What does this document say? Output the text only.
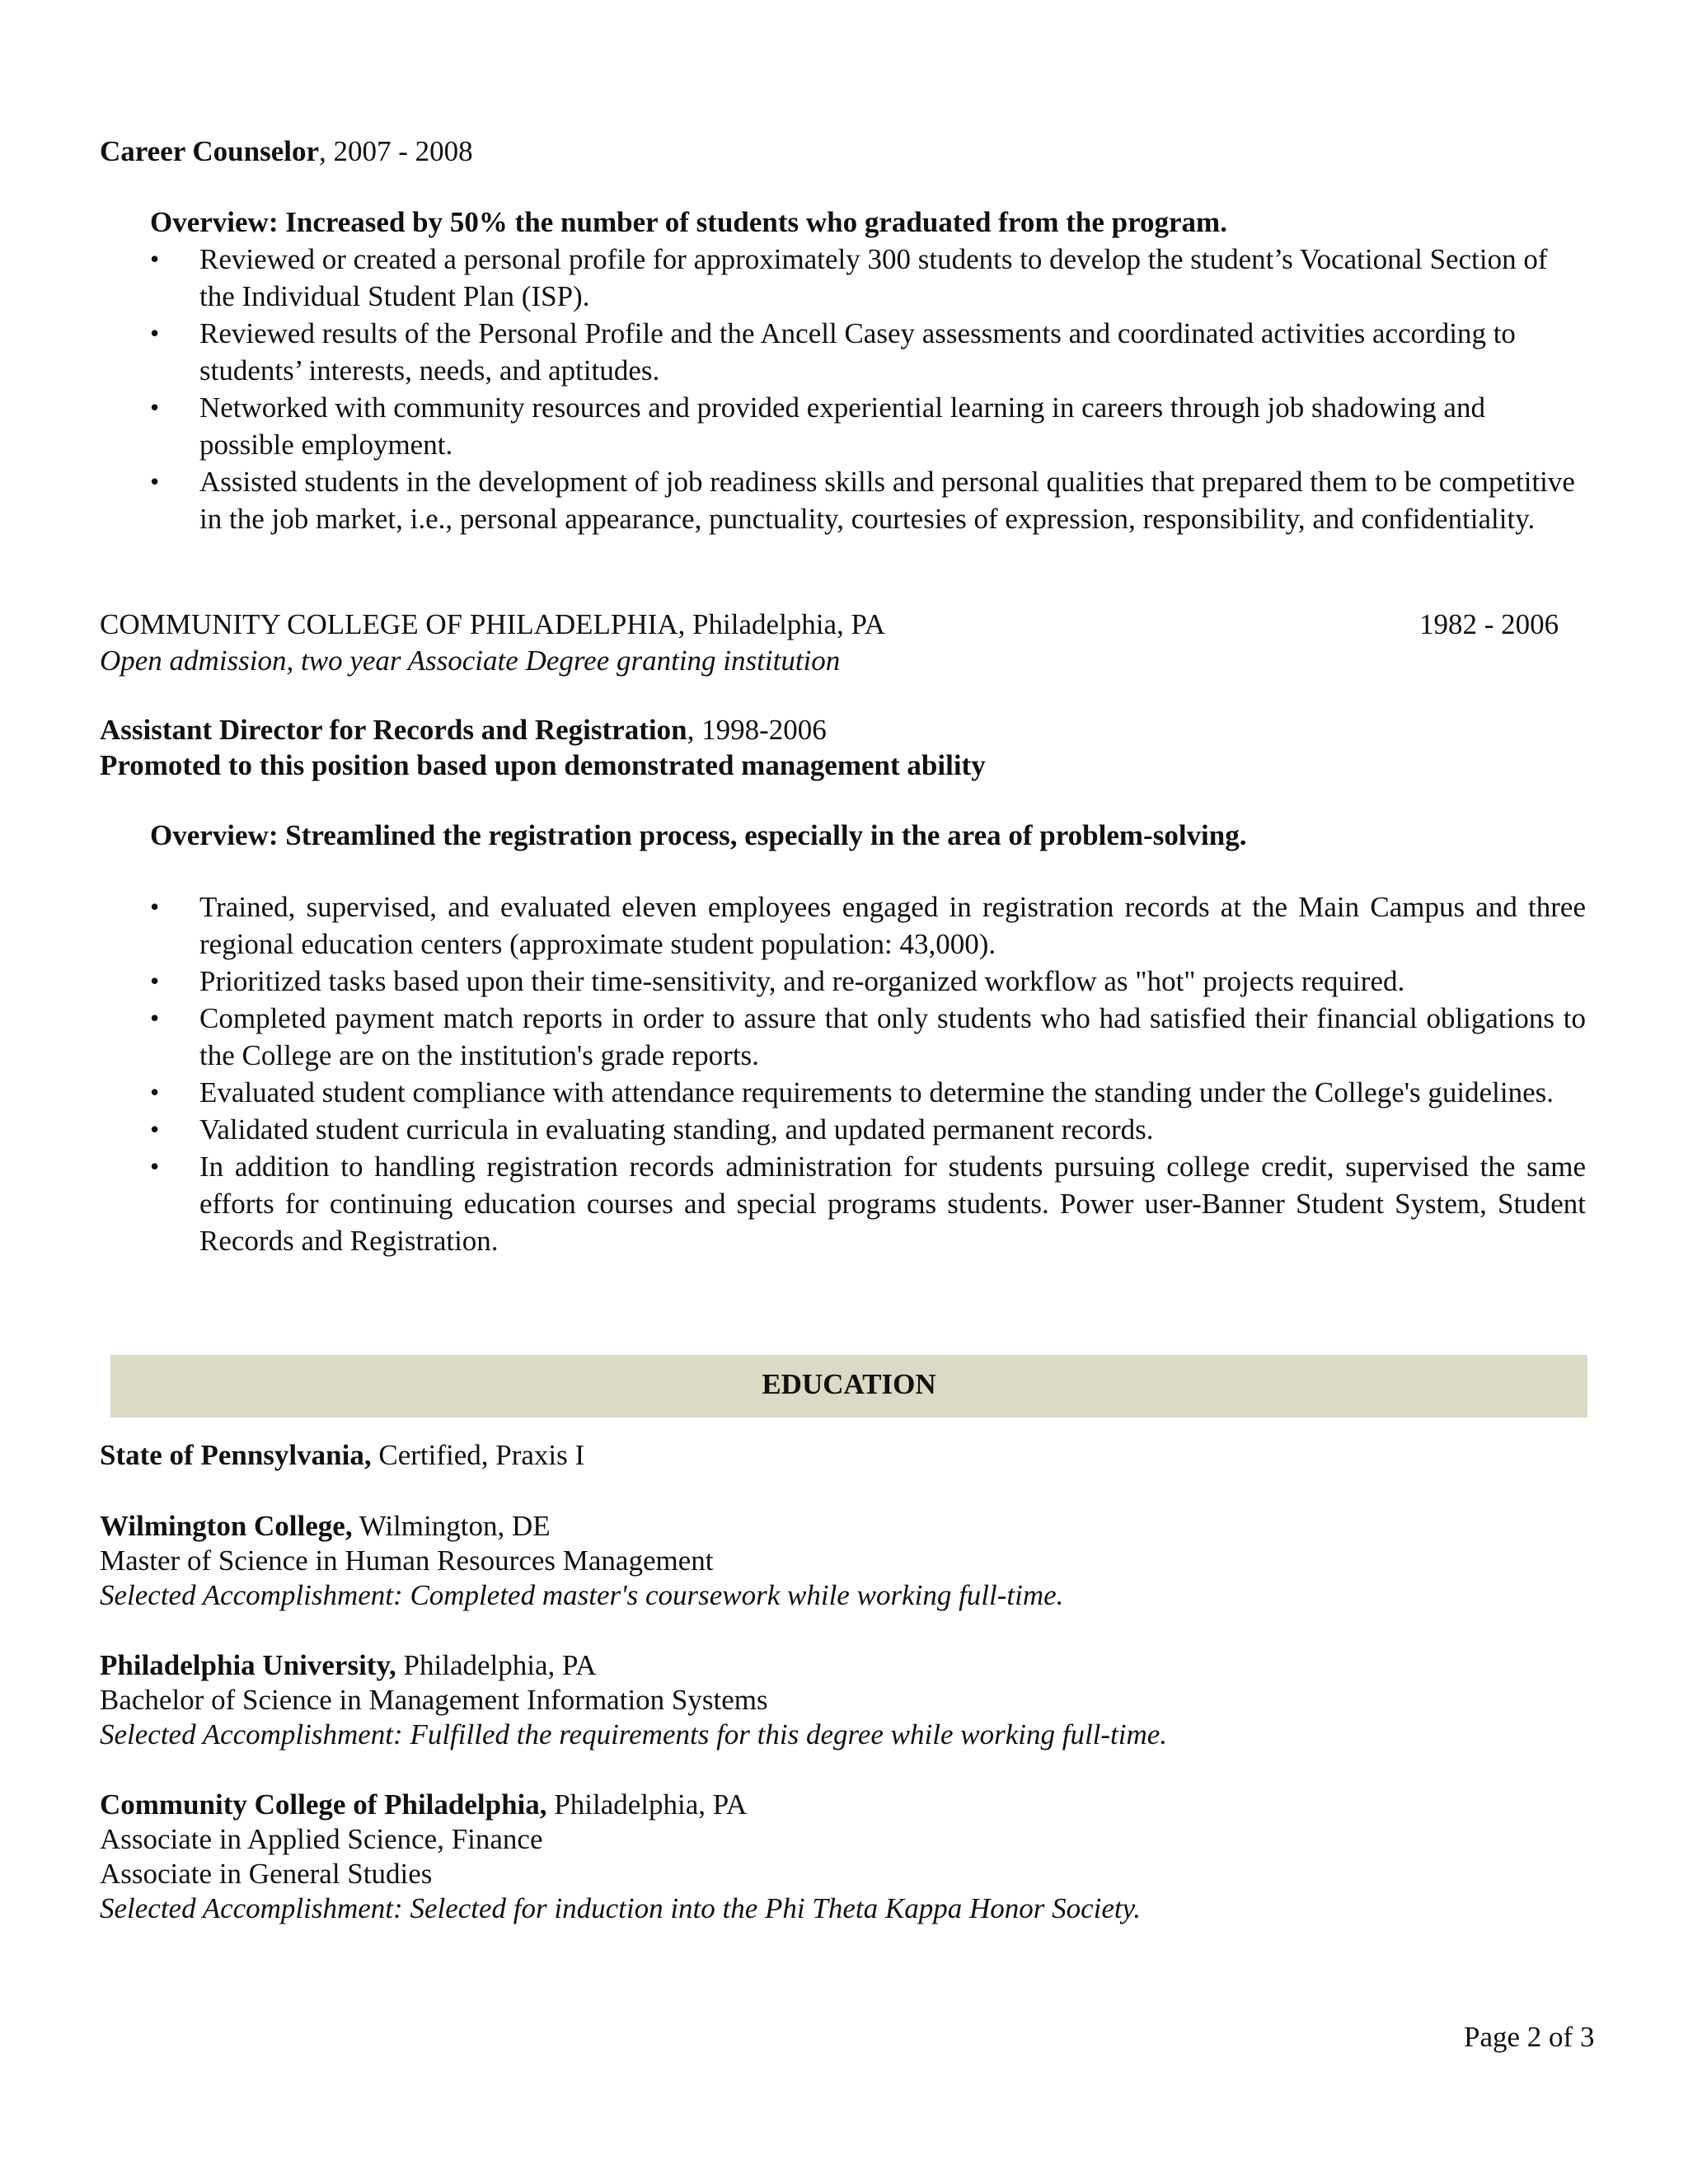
Career Counselor, 2007 - 2008
Overview: Increased by 50% the number of students who graduated from the program.
• Reviewed or created a personal profile for approximately 300 students to develop the student’s Vocational Section of the Individual Student Plan (ISP).
• Reviewed results of the Personal Profile and the Ancell Casey assessments and coordinated activities according to students’ interests, needs, and aptitudes.
• Networked with community resources and provided experiential learning in careers through job shadowing and possible employment.
• Assisted students in the development of job readiness skills and personal qualities that prepared them to be competitive in the job market, i.e., personal appearance, punctuality, courtesies of expression, responsibility, and confidentiality.
COMMUNITY COLLEGE OF PHILADELPHIA, Philadelphia, PA	1982 - 2006
Open admission, two year Associate Degree granting institution
Assistant Director for Records and Registration, 1998-2006
Promoted to this position based upon demonstrated management ability
Overview: Streamlined the registration process, especially in the area of problem-solving.
• Trained, supervised, and evaluated eleven employees engaged in registration records at the Main Campus and three regional education centers (approximate student population: 43,000).
• Prioritized tasks based upon their time-sensitivity, and re-organized workflow as "hot" projects required.
• Completed payment match reports in order to assure that only students who had satisfied their financial obligations to the College are on the institution's grade reports.
• Evaluated student compliance with attendance requirements to determine the standing under the College's guidelines.
• Validated student curricula in evaluating standing, and updated permanent records.
• In addition to handling registration records administration for students pursuing college credit, supervised the same efforts for continuing education courses and special programs students. Power user-Banner Student System, Student Records and Registration.
EDUCATION
State of Pennsylvania, Certified, Praxis I
Wilmington College, Wilmington, DE
Master of Science in Human Resources Management
Selected Accomplishment: Completed master's coursework while working full-time.
Philadelphia University, Philadelphia, PA
Bachelor of Science in Management Information Systems
Selected Accomplishment: Fulfilled the requirements for this degree while working full-time.
Community College of Philadelphia, Philadelphia, PA
Associate in Applied Science, Finance
Associate in General Studies
Selected Accomplishment: Selected for induction into the Phi Theta Kappa Honor Society.
Page 2 of 3
